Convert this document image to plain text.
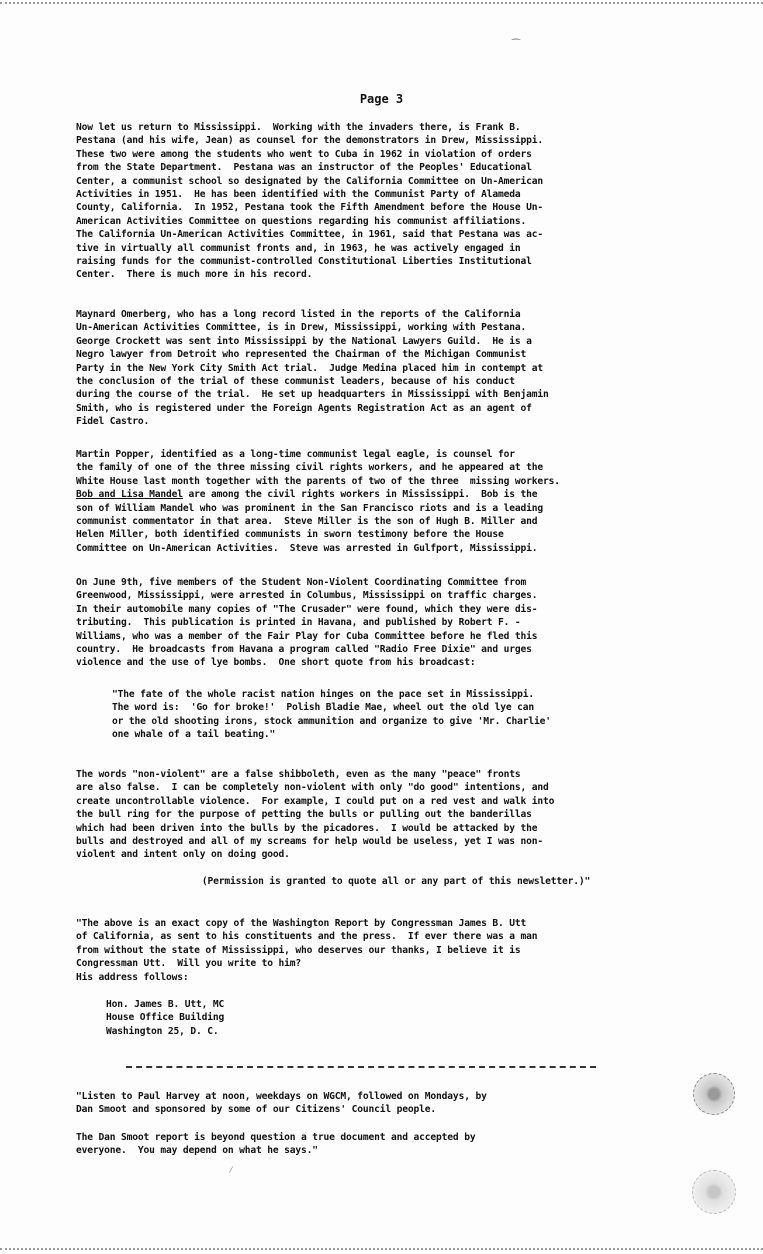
Page 3

Now let us return to Mississippi.  Working with the invaders there, is Frank B.
Pestana (and his wife, Jean) as counsel for the demonstrators in Drew, Mississippi.
These two were among the students who went to Cuba in 1962 in violation of orders
from the State Department.  Pestana was an instructor of the Peoples' Educational
Center, a communist school so designated by the California Committee on Un-American
Activities in 1951.  He has been identified with the Communist Party of Alameda
County, California.  In 1952, Pestana took the Fifth Amendment before the House Un-
American Activities Committee on questions regarding his communist affiliations.
The California Un-American Activities Committee, in 1961, said that Pestana was ac-
tive in virtually all communist fronts and, in 1963, he was actively engaged in
raising funds for the communist-controlled Constitutional Liberties Institutional
Center.  There is much more in his record.

Maynard Omerberg, who has a long record listed in the reports of the California
Un-American Activities Committee, is in Drew, Mississippi, working with Pestana.
George Crockett was sent into Mississippi by the National Lawyers Guild.  He is a
Negro lawyer from Detroit who represented the Chairman of the Michigan Communist
Party in the New York City Smith Act trial.  Judge Medina placed him in contempt at
the conclusion of the trial of these communist leaders, because of his conduct
during the course of the trial.  He set up headquarters in Mississippi with Benjamin
Smith, who is registered under the Foreign Agents Registration Act as an agent of
Fidel Castro.

Martin Popper, identified as a long-time communist legal eagle, is counsel for
the family of one of the three missing civil rights workers, and he appeared at the
White House last month together with the parents of two of the three  missing workers.
Bob and Lisa Mandel are among the civil rights workers in Mississippi.  Bob is the
son of William Mandel who was prominent in the San Francisco riots and is a leading
communist commentator in that area.  Steve Miller is the son of Hugh B. Miller and
Helen Miller, both identified communists in sworn testimony before the House
Committee on Un-American Activities.  Steve was arrested in Gulfport, Mississippi.

On June 9th, five members of the Student Non-Violent Coordinating Committee from
Greenwood, Mississippi, were arrested in Columbus, Mississippi on traffic charges.
In their automobile many copies of "The Crusader" were found, which they were dis-
tributing.  This publication is printed in Havana, and published by Robert F. -
Williams, who was a member of the Fair Play for Cuba Committee before he fled this
country.  He broadcasts from Havana a program called "Radio Free Dixie" and urges
violence and the use of lye bombs.  One short quote from his broadcast:

"The fate of the whole racist nation hinges on the pace set in Mississippi.
The word is:  'Go for broke!'  Polish Bladie Mae, wheel out the old lye can
or the old shooting irons, stock ammunition and organize to give 'Mr. Charlie'
one whale of a tail beating."

The words "non-violent" are a false shibboleth, even as the many "peace" fronts
are also false.  I can be completely non-violent with only "do good" intentions, and
create uncontrollable violence.  For example, I could put on a red vest and walk into
the bull ring for the purpose of petting the bulls or pulling out the banderillas
which had been driven into the bulls by the picadores.  I would be attacked by the
bulls and destroyed and all of my screams for help would be useless, yet I was non-
violent and intent only on doing good.

(Permission is granted to quote all or any part of this newsletter.)"

"The above is an exact copy of the Washington Report by Congressman James B. Utt
of California, as sent to his constituents and the press.  If ever there was a man
from without the state of Mississippi, who deserves our thanks, I believe it is
Congressman Utt.  Will you write to him?
His address follows:

Hon. James B. Utt, MC
House Office Building
Washington 25, D. C.

"Listen to Paul Harvey at noon, weekdays on WGCM, followed on Mondays, by
Dan Smoot and sponsored by some of our Citizens' Council people.

The Dan Smoot report is beyond question a true document and accepted by
everyone.  You may depend on what he says."

⁀
⁄
